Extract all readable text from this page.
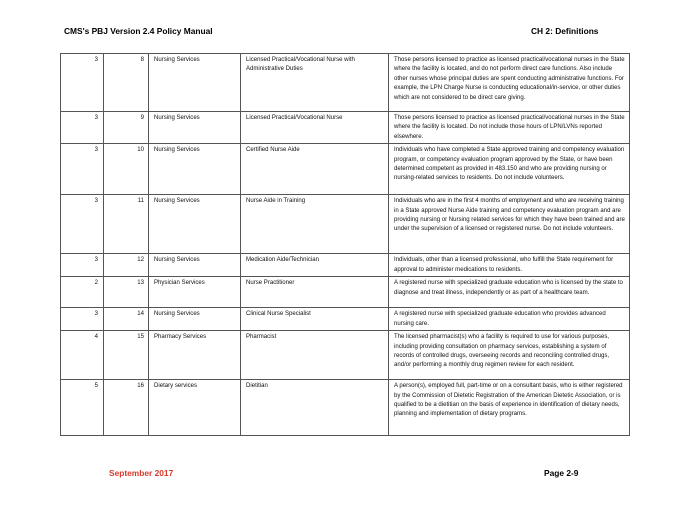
CMS's PBJ Version 2.4 Policy Manual	CH 2: Definitions
3	8	Nursing Services	Licensed Practical/Vocational Nurse with Administrative Duties	Those persons licensed to practice as licensed practical/vocational nurses in the State where the facility is located, and do not perform direct care functions. Also include other nurses whose principal duties are spent conducting administrative functions. For example, the LPN Charge Nurse is conducting educational/in-service, or other duties which are not considered to be direct care giving.
3	9	Nursing Services	Licensed Practical/Vocational Nurse	Those persons licensed to practice as licensed practical/vocational nurses in the State where the facility is located. Do not include those hours of LPN/LVNs reported elsewhere.
3	10	Nursing Services	Certified Nurse Aide	Individuals who have completed a State approved training and competency evaluation program, or competency evaluation program approved by the State, or have been determined competent as provided in 483.150 and who are providing nursing or nursing-related services to residents. Do not include volunteers.
3	11	Nursing Services	Nurse Aide in Training	Individuals who are in the first 4 months of employment and who are receiving training in a State approved Nurse Aide training and competency evaluation program and are providing nursing or Nursing related services for which they have been trained and are under the supervision of a licensed or registered nurse. Do not include volunteers.
3	12	Nursing Services	Medication Aide/Technician	Individuals, other than a licensed professional, who fulfill the State requirement for approval to administer medications to residents.
2	13	Physician Services	Nurse Practitioner	A registered nurse with specialized graduate education who is licensed by the state to diagnose and treat illness, independently or as part of a healthcare team.
3	14	Nursing Services	Clinical Nurse Specialist	A registered nurse with specialized graduate education who provides advanced nursing care.
4	15	Pharmacy Services	Pharmacist	The licensed pharmacist(s) who a facility is required to use for various purposes, including providing consultation on pharmacy services, establishing a system of records of controlled drugs, overseeing records and reconciling controlled drugs, and/or performing a monthly drug regimen review for each resident.
5	16	Dietary services	Dietitian	A person(s), employed full, part-time or on a consultant basis, who is either registered by the Commission of Dietetic Registration of the American Dietetic Association, or is qualified to be a dietitian on the basis of experience in identification of dietary needs, planning and implementation of dietary programs.
September 2017	Page 2-9
